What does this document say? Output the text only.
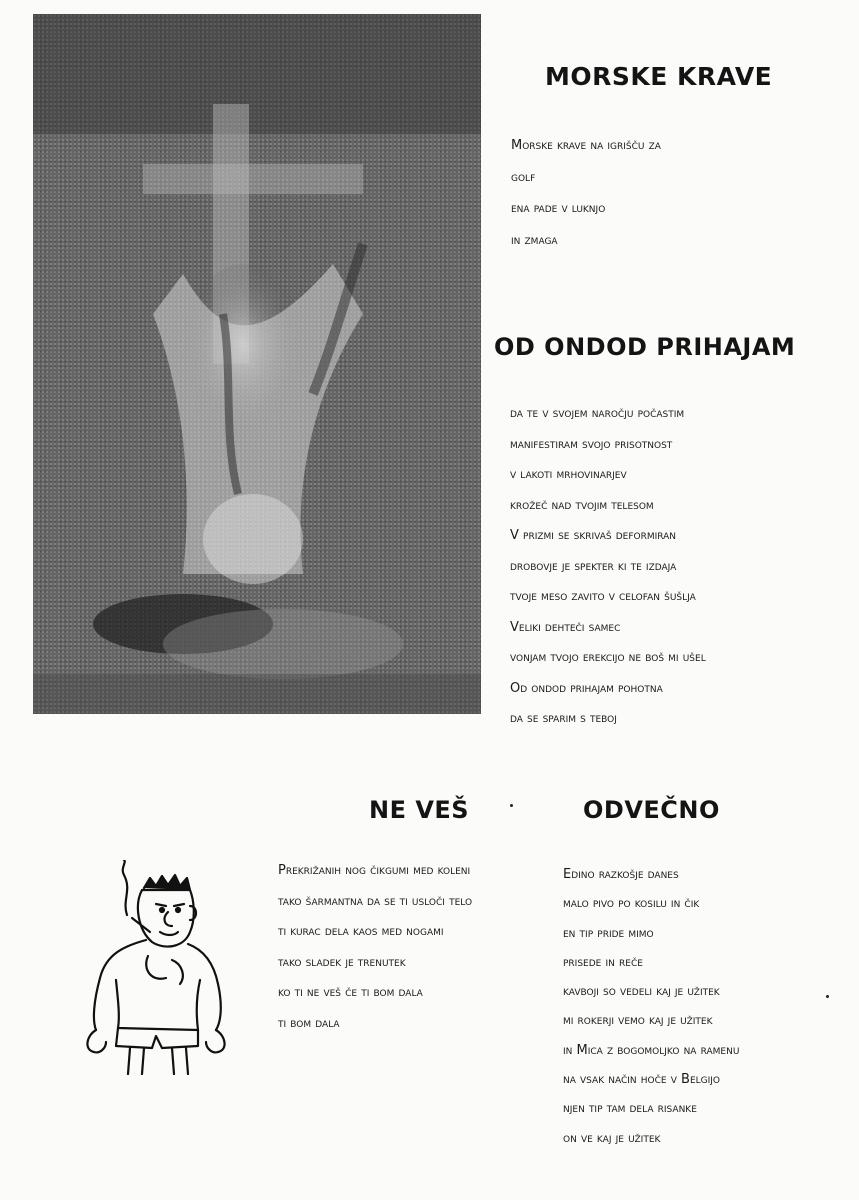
MORSKE KRAVE
Morske krave na igrišču za
golf
ena pade v luknjo
in zmaga
OD ONDOD PRIHAJAM
da te v svojem naročju počastim
manifestiram svojo prisotnost
v lakoti mrhovinarjev
krožeč nad tvojim telesom
V prizmi se skrivaš deformiran
drobovje je spekter ki te izdaja
tvoje meso zavito v celofan šušlja
Veliki dehteči samec
vonjam tvojo erekcijo ne boš mi ušel
Od ondod prihajam pohotna
da se sparim s teboj
NE VEŠ
Prekrižanih nog čikgumi med koleni
tako šarmantna da se ti usloči telo
ti kurac dela kaos med nogami
tako sladek je trenutek
ko ti ne veš če ti bom dala
ti bom dala
ODVEČNO
Edino razkošje danes
malo pivo po kosilu in čik
en tip pride mimo
prisede in reče
kavboji so vedeli kaj je užitek
mi rokerji vemo kaj je užitek
in Mica z bogomoljko na ramenu
na vsak način hoče v Belgijo
njen tip tam dela risanke
on ve kaj je užitek
